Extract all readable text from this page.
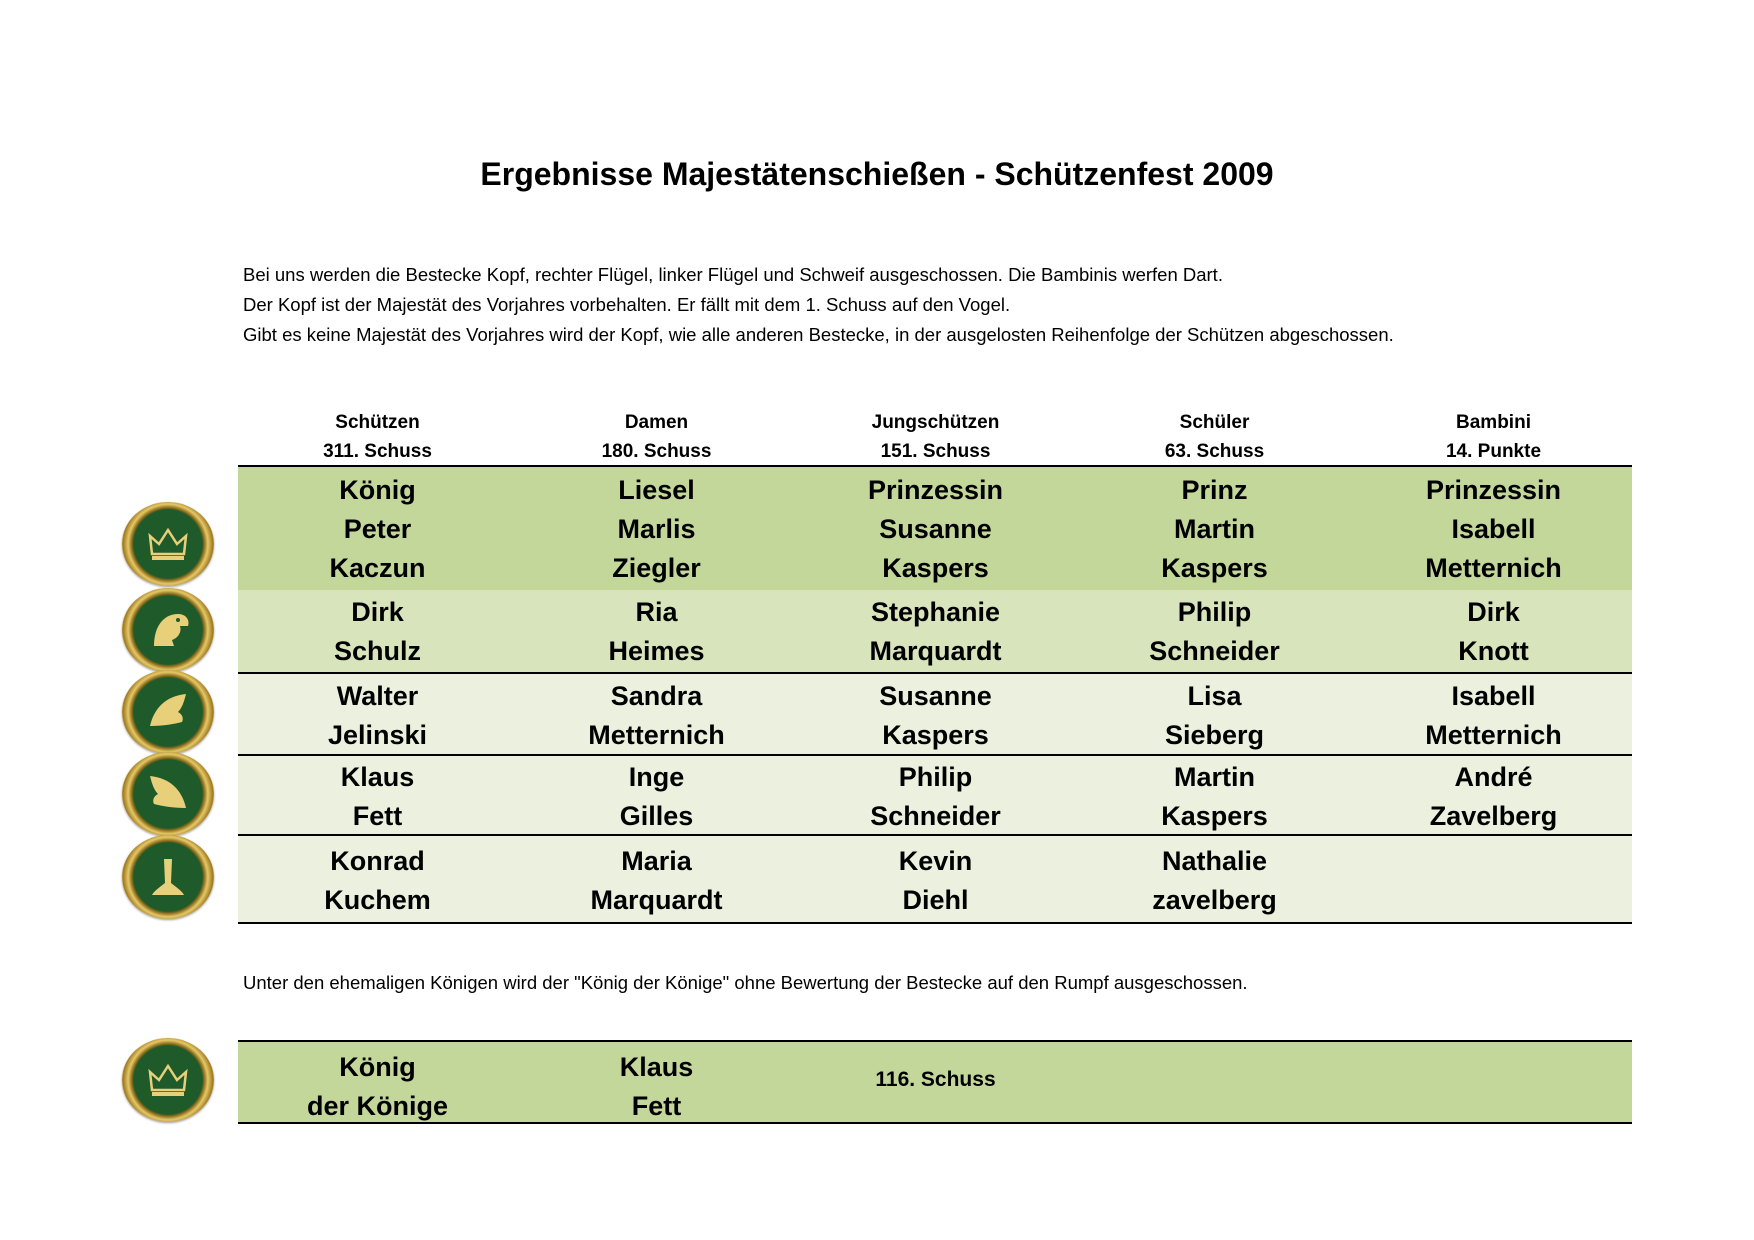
Ergebnisse Majestätenschießen - Schützenfest 2009
Bei uns werden die Bestecke Kopf, rechter Flügel, linker Flügel und Schweif ausgeschossen. Die Bambinis werfen Dart.
Der Kopf ist der Majestät des Vorjahres vorbehalten. Er fällt mit dem 1. Schuss auf den Vogel.
Gibt es keine Majestät des Vorjahres wird der Kopf, wie alle anderen Bestecke, in der ausgelosten Reihenfolge der Schützen abgeschossen.
Schützen
311. Schuss
Damen
180. Schuss
Jungschützen
151. Schuss
Schüler
63. Schuss
Bambini
14. Punkte
König
Peter
Kaczun
Liesel
Marlis
Ziegler
Prinzessin
Susanne
Kaspers
Prinz
Martin
Kaspers
Prinzessin
Isabell
Metternich
Dirk
Schulz
Ria
Heimes
Stephanie
Marquardt
Philip
Schneider
Dirk
Knott
Walter
Jelinski
Sandra
Metternich
Susanne
Kaspers
Lisa
Sieberg
Isabell
Metternich
Klaus
Fett
Inge
Gilles
Philip
Schneider
Martin
Kaspers
André
Zavelberg
Konrad
Kuchem
Maria
Marquardt
Kevin
Diehl
Nathalie
zavelberg
Unter den ehemaligen Königen wird der "König der Könige" ohne Bewertung der Bestecke auf den Rumpf ausgeschossen.
König
der Könige
Klaus
Fett
116. Schuss
